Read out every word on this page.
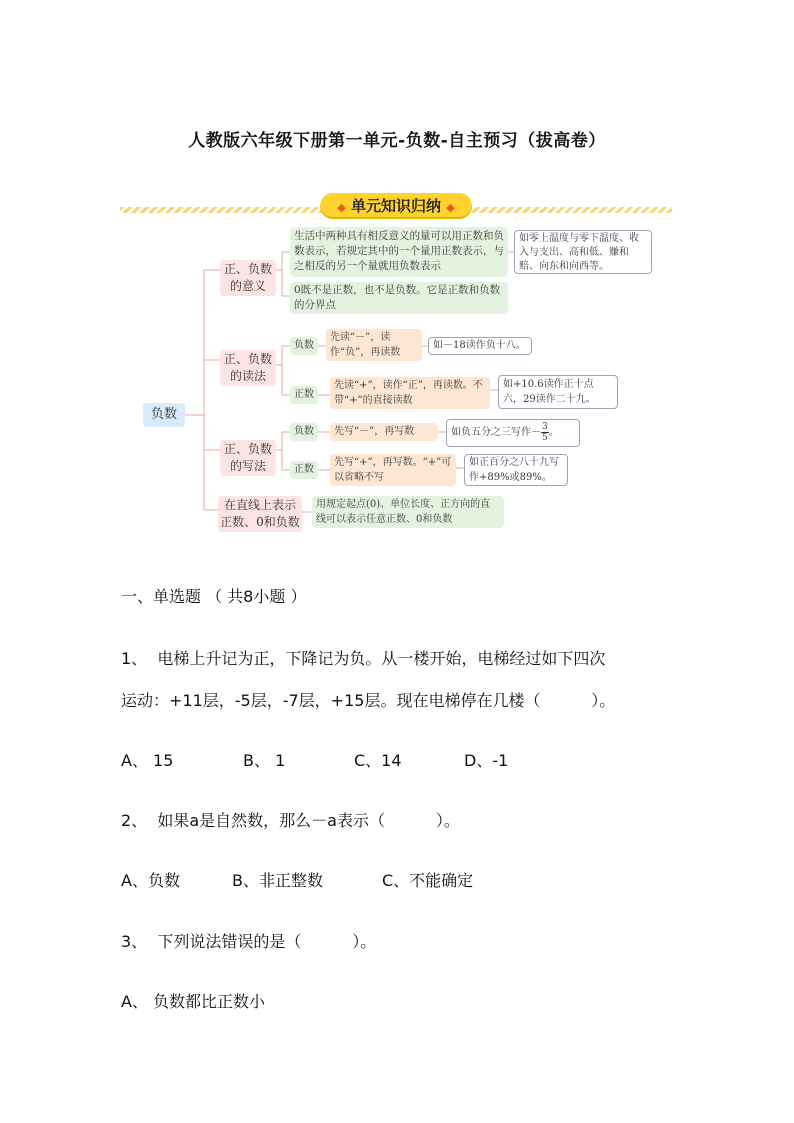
人教版六年级下册第一单元-负数-自主预习（拔高卷）
◆ 单元知识归纳 ◆
负数
正、负数
的意义
生活中两种具有相反意义的量可以用正数和负数表示，若规定其中的一个量用正数表示，与之相反的另一个量就用负数表示
0既不是正数，也不是负数。它是正数和负数的分界点
如零上温度与零下温度、收入与支出、高和低、赚和赔、向东和向西等。
正、负数
的读法
负数
先读“－”，读作“负”，再读数
如－18读作负十八。
正数
先读“+”，读作“正”，再读数。不带“+”的直接读数
如+10.6读作正十点六，29读作二十九。
正、负数
的写法
负数	先写“－”，再写数	如负五分之三写作－ $\frac{3}{5}$ 。
正数
先写“+”，再写数。“+”可以省略不写
如正百分之八十九写作+89%或89%。
在直线上表示
正数、0和负数
用规定起点(0)、单位长度、正方向的直线可以表示任意正数、0和负数
一、单选题 （ 共8小题 ）
1、 电梯上升记为正，下降记为负。从一楼开始，电梯经过如下四次
运动：+11层，-5层，-7层，+15层。现在电梯停在几楼（          ）。
A、 15	B、 1	C、14	D、-1
2、 如果a是自然数，那么－a表示（          ）。
A、负数	B、非正整数	C、不能确定
3、 下列说法错误的是（          ）。
A、 负数都比正数小
